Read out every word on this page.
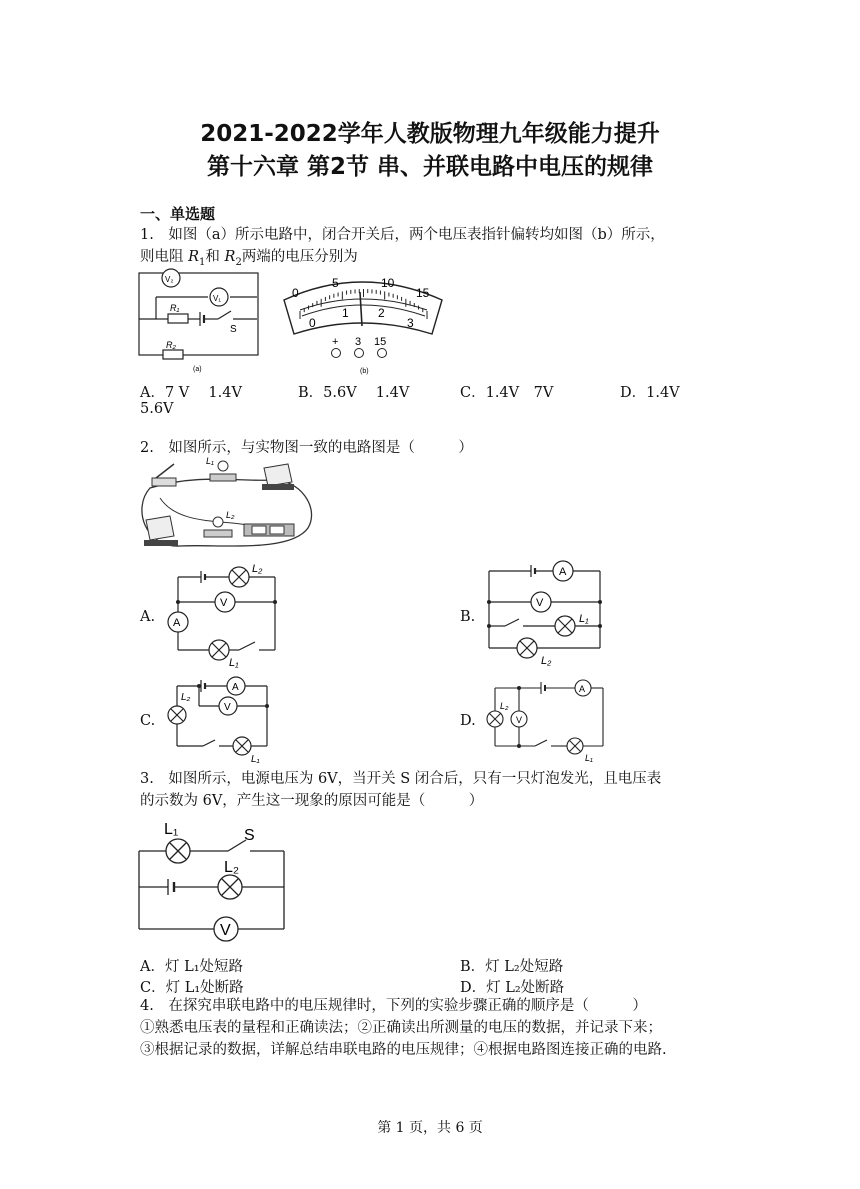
2021-2022学年人教版物理九年级能力提升
第十六章 第2节 串、并联电路中电压的规律
一、单选题
1.　如图（a）所示电路中，闭合开关后，两个电压表指针偏转均如图（b）所示，
则电阻 $R_1$和 $R_2$两端的电压分别为
V₂
V₁
R₁
S
R₂
(a)
0
5	10
15
0
1 2
3
+ 3 15
(b)
A．7 V　 1.4V	B．5.6V　 1.4V	C．1.4V　7V	D．1.4V
5.6V
2.　如图所示，与实物图一致的电路图是（　　　）
L₁
L₂
A. A
V
L₂
L₁
B.
A
V
L₁
L₂
C.
A
V
L₂
L₁
D.
A
V
L₂
L₁
3.　如图所示，电源电压为 6V，当开关 S 闭合后，只有一只灯泡发光，且电压表
的示数为 6V，产生这一现象的原因可能是（　　　）
L₁	S
L₂
V
A．灯 L₁处短路	B．灯 L₂处短路
C．灯 L₁处断路	D．灯 L₂处断路
4.　在探究串联电路中的电压规律时，下列的实验步骤正确的顺序是（　　　）
①熟悉电压表的量程和正确读法；②正确读出所测量的电压的数据，并记录下来；
③根据记录的数据，详解总结串联电路的电压规律；④根据电路图连接正确的电路.
第 1 页，共 6 页
